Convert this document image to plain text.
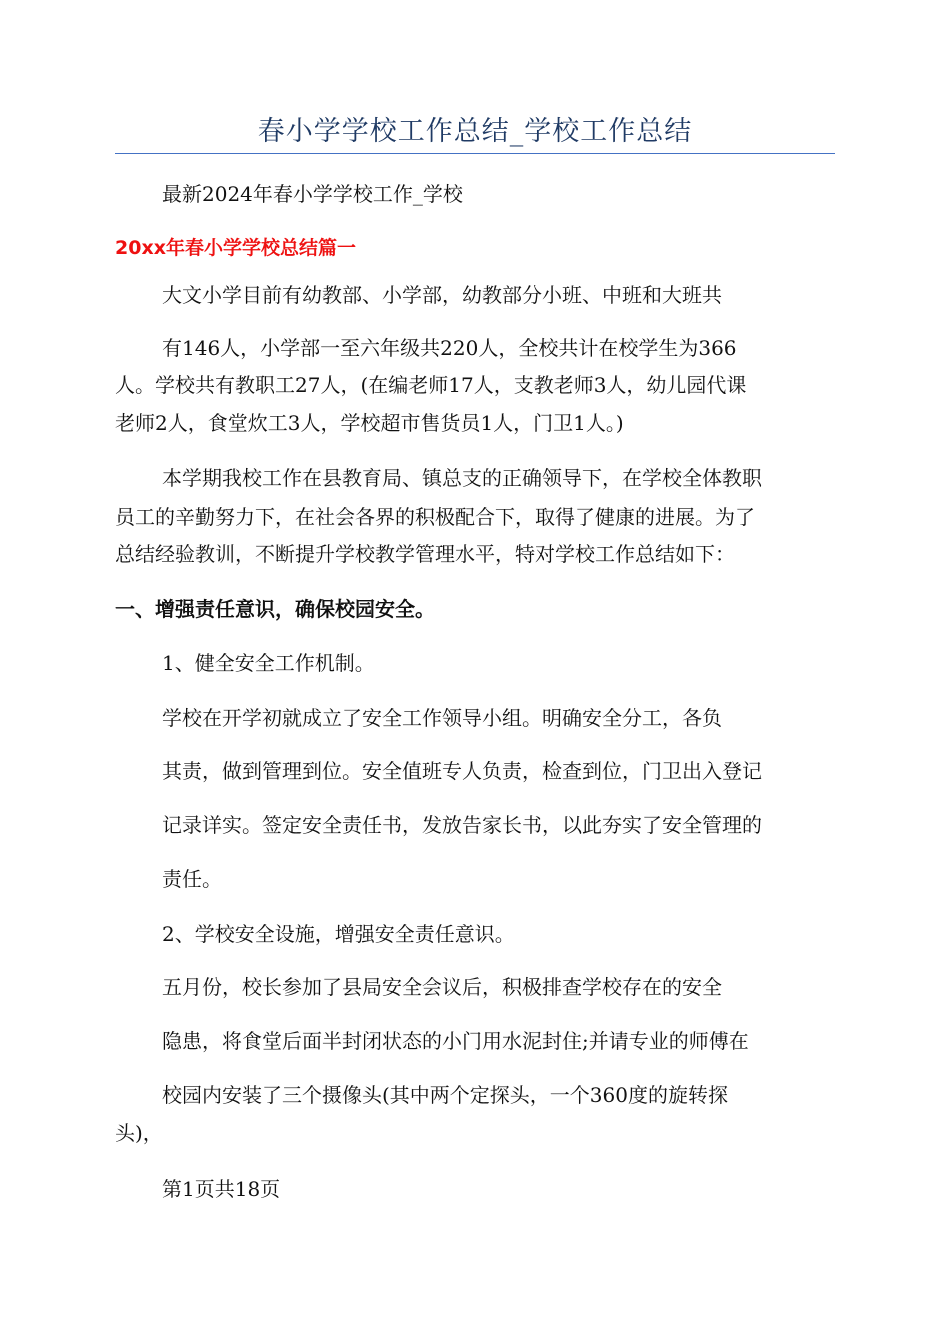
春小学学校工作总结_学校工作总结
最新2024年春小学学校工作_学校
20xx年春小学学校总结篇一
大文小学目前有幼教部、小学部，幼教部分小班、中班和大班共
有146人，小学部一至六年级共220人，全校共计在校学生为366
人。学校共有教职工27人，(在编老师17人，支教老师3人，幼儿园代课
老师2人，食堂炊工3人，学校超市售货员1人，门卫1人。)
本学期我校工作在县教育局、镇总支的正确领导下，在学校全体教职
员工的辛勤努力下，在社会各界的积极配合下，取得了健康的进展。为了
总结经验教训，不断提升学校教学管理水平，特对学校工作总结如下：
一、增强责任意识，确保校园安全。
1、健全安全工作机制。
学校在开学初就成立了安全工作领导小组。明确安全分工，各负
其责，做到管理到位。安全值班专人负责，检查到位，门卫出入登记
记录详实。签定安全责任书，发放告家长书，以此夯实了安全管理的
责任。
2、学校安全设施，增强安全责任意识。
五月份，校长参加了县局安全会议后，积极排查学校存在的安全
隐患，将食堂后面半封闭状态的小门用水泥封住;并请专业的师傅在
校园内安装了三个摄像头(其中两个定探头，一个360度的旋转探
头)，
第1页共18页
